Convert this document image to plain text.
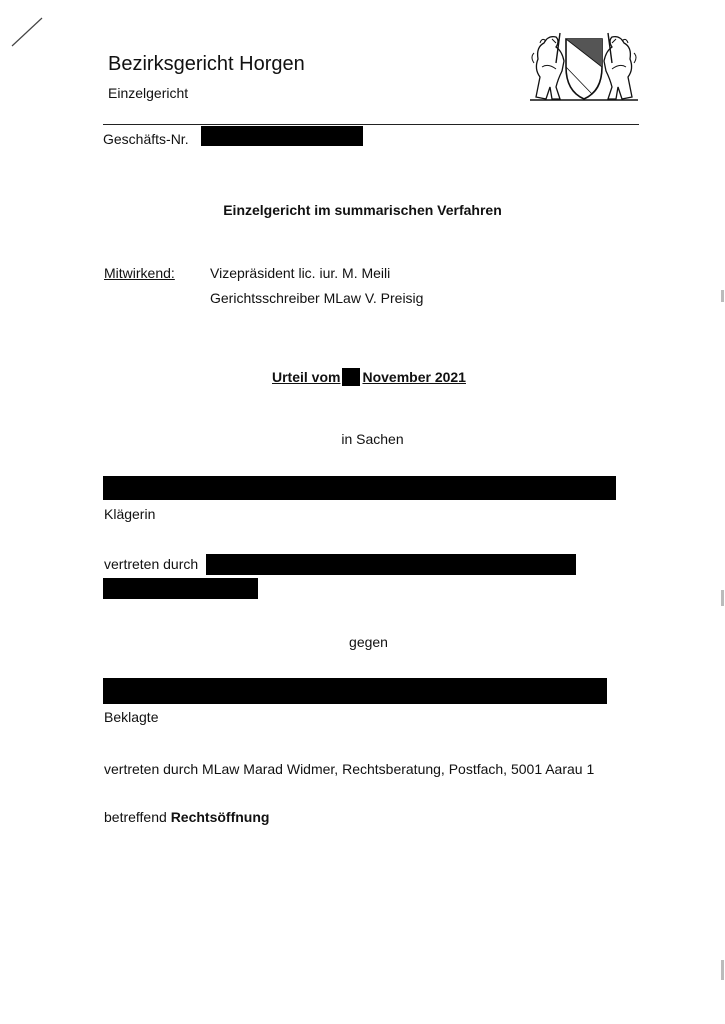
Bezirksgericht Horgen
Einzelgericht
Geschäfts-Nr.
Einzelgericht im summarischen Verfahren
Mitwirkend:	Vizepräsident lic. iur. M. Meili
Gerichtsschreiber MLaw V. Preisig
Urteil vom November 2021
in Sachen
Klägerin
vertreten durch
gegen
Beklagte
vertreten durch MLaw Marad Widmer, Rechtsberatung, Postfach, 5001 Aarau 1
betreffend Rechtsöffnung
